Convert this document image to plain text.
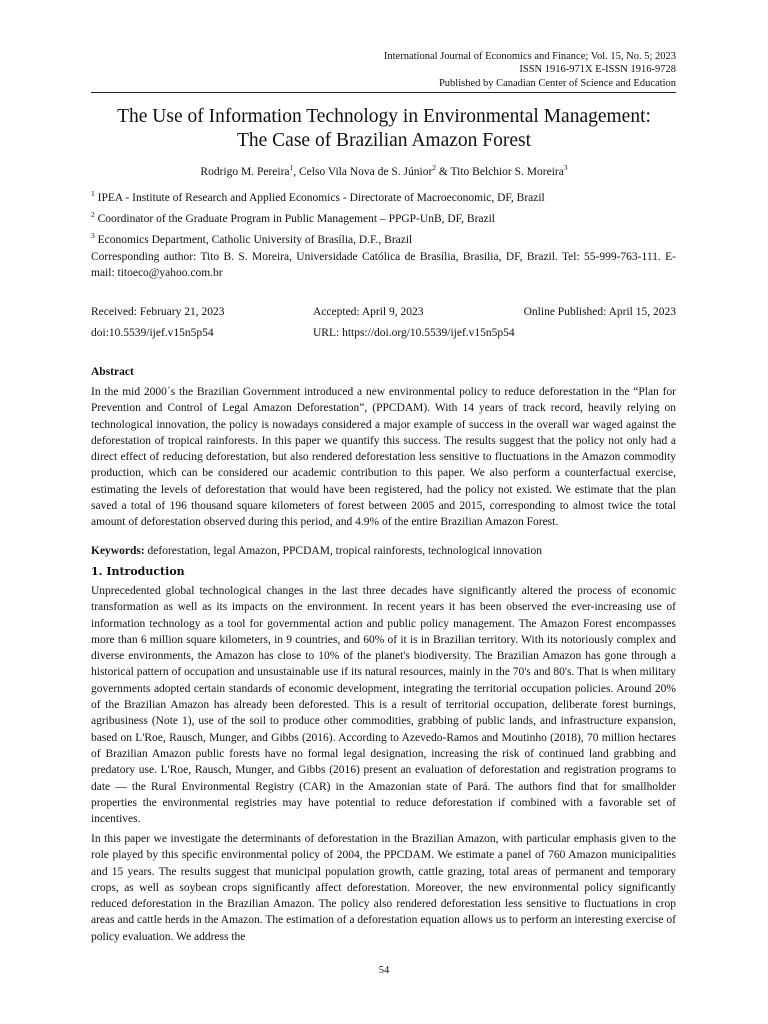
International Journal of Economics and Finance; Vol. 15, No. 5; 2023
ISSN 1916-971X E-ISSN 1916-9728
Published by Canadian Center of Science and Education
The Use of Information Technology in Environmental Management:
The Case of Brazilian Amazon Forest
Rodrigo M. Pereira$^1$, Celso Vila Nova de S. Júnior$^2$ & Tito Belchior S. Moreira$^3$
$^1$ IPEA - Institute of Research and Applied Economics - Directorate of Macroeconomic, DF, Brazil
$^2$ Coordinator of the Graduate Program in Public Management – PPGP-UnB, DF, Brazil
$^3$ Economics Department, Catholic University of Brasília, D.F., Brazil
Corresponding author: Tito B. S. Moreira, Universidade Católica de Brasília, Brasilia, DF, Brazil. Tel: 55-999-763-111. E-mail: titoeco@yahoo.com.br
Received: February 21, 2023	Accepted: April 9, 2023	Online Published: April 15, 2023
doi:10.5539/ijef.v15n5p54	URL: https://doi.org/10.5539/ijef.v15n5p54
Abstract
In the mid 2000´s the Brazilian Government introduced a new environmental policy to reduce deforestation in the “Plan for Prevention and Control of Legal Amazon Deforestation”, (PPCDAM). With 14 years of track record, heavily relying on technological innovation, the policy is nowadays considered a major example of success in the overall war waged against the deforestation of tropical rainforests. In this paper we quantify this success. The results suggest that the policy not only had a direct effect of reducing deforestation, but also rendered deforestation less sensitive to fluctuations in the Amazon commodity production, which can be considered our academic contribution to this paper. We also perform a counterfactual exercise, estimating the levels of deforestation that would have been registered, had the policy not existed. We estimate that the plan saved a total of 196 thousand square kilometers of forest between 2005 and 2015, corresponding to almost twice the total amount of deforestation observed during this period, and 4.9% of the entire Brazilian Amazon Forest.
Keywords: deforestation, legal Amazon, PPCDAM, tropical rainforests, technological innovation
1. Introduction
Unprecedented global technological changes in the last three decades have significantly altered the process of economic transformation as well as its impacts on the environment. In recent years it has been observed the ever-increasing use of information technology as a tool for governmental action and public policy management. The Amazon Forest encompasses more than 6 million square kilometers, in 9 countries, and 60% of it is in Brazilian territory. With its notoriously complex and diverse environments, the Amazon has close to 10% of the planet's biodiversity. The Brazilian Amazon has gone through a historical pattern of occupation and unsustainable use if its natural resources, mainly in the 70's and 80's. That is when military governments adopted certain standards of economic development, integrating the territorial occupation policies. Around 20% of the Brazilian Amazon has already been deforested. This is a result of territorial occupation, deliberate forest burnings, agribusiness (Note 1), use of the soil to produce other commodities, grabbing of public lands, and infrastructure expansion, based on L'Roe, Rausch, Munger, and Gibbs (2016). According to Azevedo-Ramos and Moutinho (2018), 70 million hectares of Brazilian Amazon public forests have no formal legal designation, increasing the risk of continued land grabbing and predatory use. L'Roe, Rausch, Munger, and Gibbs (2016) present an evaluation of deforestation and registration programs to date — the Rural Environmental Registry (CAR) in the Amazonian state of Pará. The authors find that for smallholder properties the environmental registries may have potential to reduce deforestation if combined with a favorable set of incentives.
In this paper we investigate the determinants of deforestation in the Brazilian Amazon, with particular emphasis given to the role played by this specific environmental policy of 2004, the PPCDAM. We estimate a panel of 760 Amazon municipalities and 15 years. The results suggest that municipal population growth, cattle grazing, total areas of permanent and temporary crops, as well as soybean crops significantly affect deforestation. Moreover, the new environmental policy significantly reduced deforestation in the Brazilian Amazon. The policy also rendered deforestation less sensitive to fluctuations in crop areas and cattle herds in the Amazon. The estimation of a deforestation equation allows us to perform an interesting exercise of policy evaluation. We address the
54
